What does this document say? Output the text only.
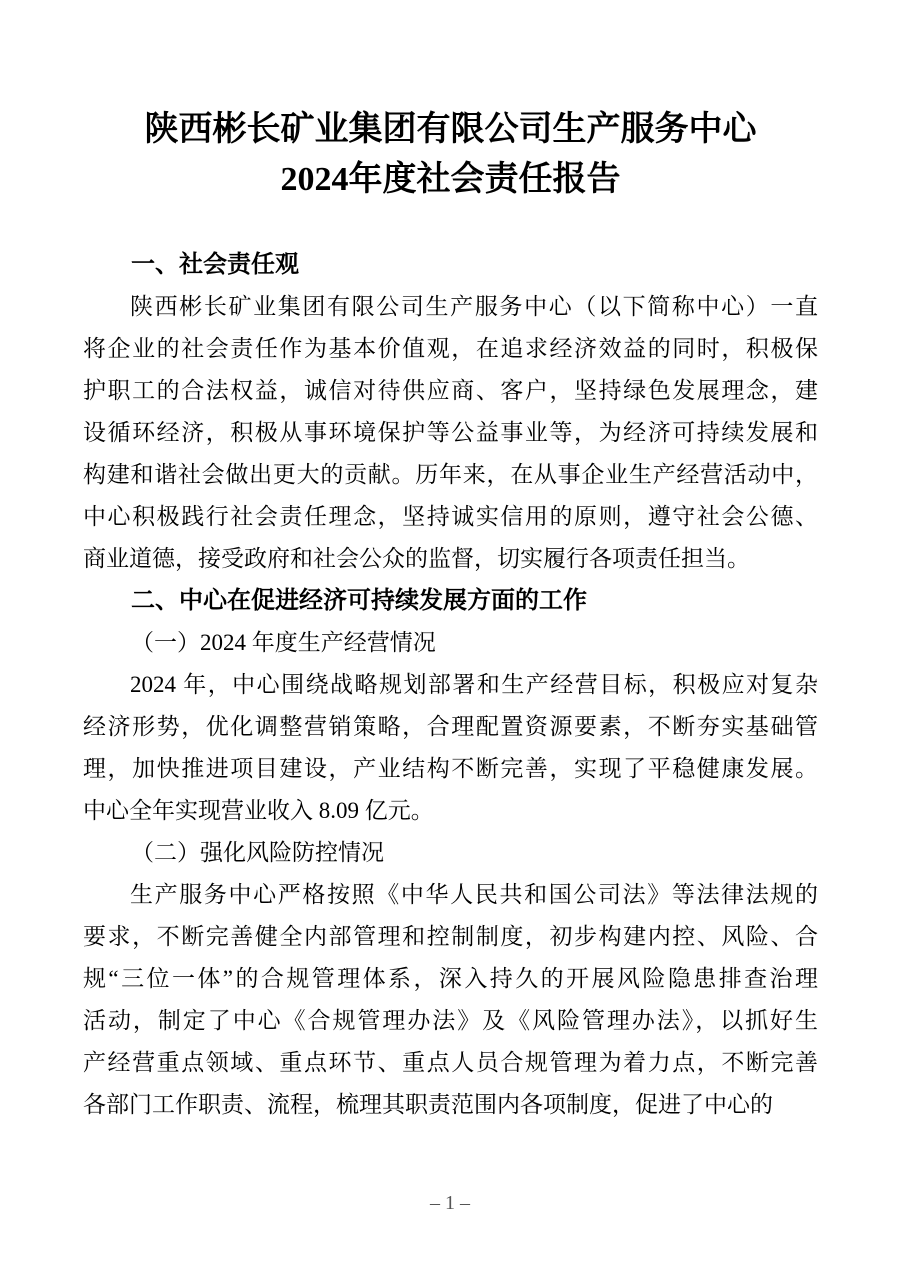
陕西彬长矿业集团有限公司生产服务中心
2024年度社会责任报告
一、社会责任观
陕西彬长矿业集团有限公司生产服务中心（以下简称中心）一直
将企业的社会责任作为基本价值观，在追求经济效益的同时，积极保
护职工的合法权益，诚信对待供应商、客户，坚持绿色发展理念，建
设循环经济，积极从事环境保护等公益事业等，为经济可持续发展和
构建和谐社会做出更大的贡献。历年来，在从事企业生产经营活动中，
中心积极践行社会责任理念，坚持诚实信用的原则，遵守社会公德、
商业道德，接受政府和社会公众的监督，切实履行各项责任担当。
二、中心在促进经济可持续发展方面的工作
（一）2024 年度生产经营情况
2024 年，中心围绕战略规划部署和生产经营目标，积极应对复杂
经济形势，优化调整营销策略，合理配置资源要素，不断夯实基础管
理，加快推进项目建设，产业结构不断完善，实现了平稳健康发展。
中心全年实现营业收入 8.09 亿元。
（二）强化风险防控情况
生产服务中心严格按照《中华人民共和国公司法》等法律法规的
要求，不断完善健全内部管理和控制制度，初步构建内控、风险、合
规“三位一体”的合规管理体系，深入持久的开展风险隐患排查治理
活动，制定了中心《合规管理办法》及《风险管理办法》，以抓好生
产经营重点领域、重点环节、重点人员合规管理为着力点，不断完善
各部门工作职责、流程，梳理其职责范围内各项制度，促进了中心的
– 1 –
